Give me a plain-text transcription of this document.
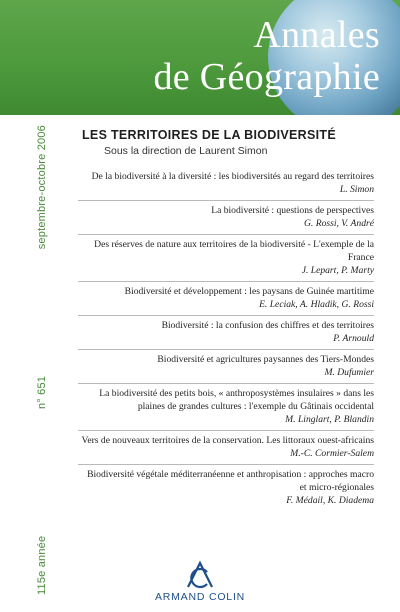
Annales
de Géographie
115e année
n° 651
septembre-octobre 2006	LES TERRITOIRES DE LA BIODIVERSITÉ
Sous la direction de Laurent Simon
De la biodiversité à la diversité : les biodiversités au regard des territoires
L. Simon
La biodiversité : questions de perspectives
G. Rossi, V. André
Des réserves de nature aux territoires de la biodiversité - L'exemple de la France
J. Lepart, P. Marty
Biodiversité et développement : les paysans de Guinée martitime
E. Leciak, A. Hladik, G. Rossi
Biodiversité : la confusion des chiffres et des territoires
P. Arnould
Biodiversité et agricultures paysannes des Tiers-Mondes
M. Dufumier
La biodiversité des petits bois, « anthroposystèmes insulaires » dans les plaines de grandes cultures : l'exemple du Gâtinais occidental
M. Linglart, P. Blandin
Vers de nouveaux territoires de la conservation. Les littoraux ouest-africains
M.-C. Cormier-Salem
Biodiversité végétale méditerranéenne et anthropisation : approches macro et micro-régionales
F. Médail, K. Diadema
ARMAND COLIN
